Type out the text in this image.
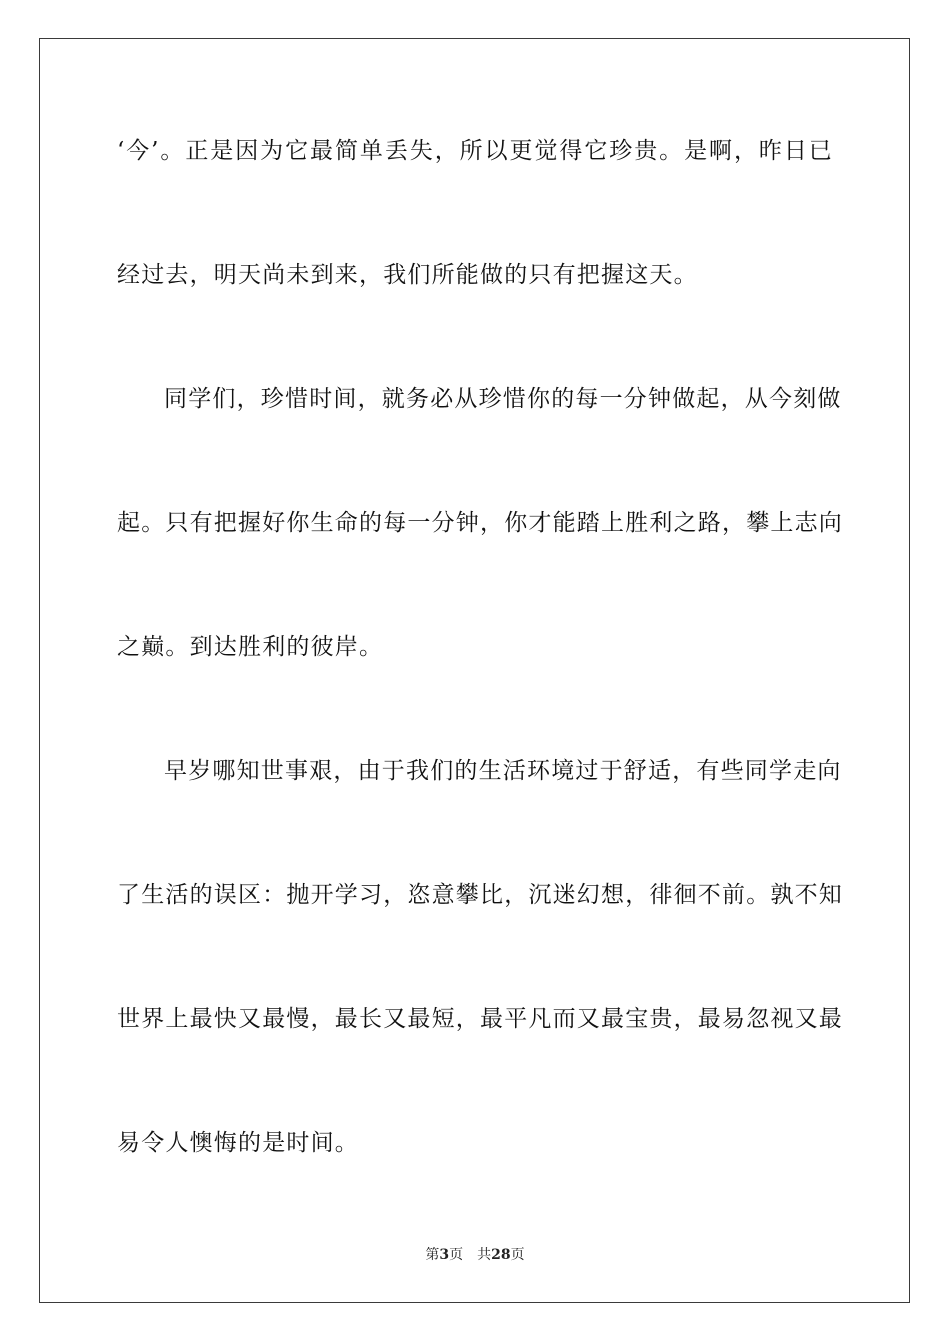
‘今’。正是因为它最简单丢失，所以更觉得它珍贵。是啊，昨日已
经过去，明天尚未到来，我们所能做的只有把握这天。
同学们，珍惜时间，就务必从珍惜你的每一分钟做起，从今刻做
起。只有把握好你生命的每一分钟，你才能踏上胜利之路，攀上志向
之巅。到达胜利的彼岸。
早岁哪知世事艰，由于我们的生活环境过于舒适，有些同学走向
了生活的误区：抛开学习，恣意攀比，沉迷幻想，徘徊不前。孰不知
世界上最快又最慢，最长又最短，最平凡而又最宝贵，最易忽视又最
易令人懊悔的是时间。
第3页 共28页
